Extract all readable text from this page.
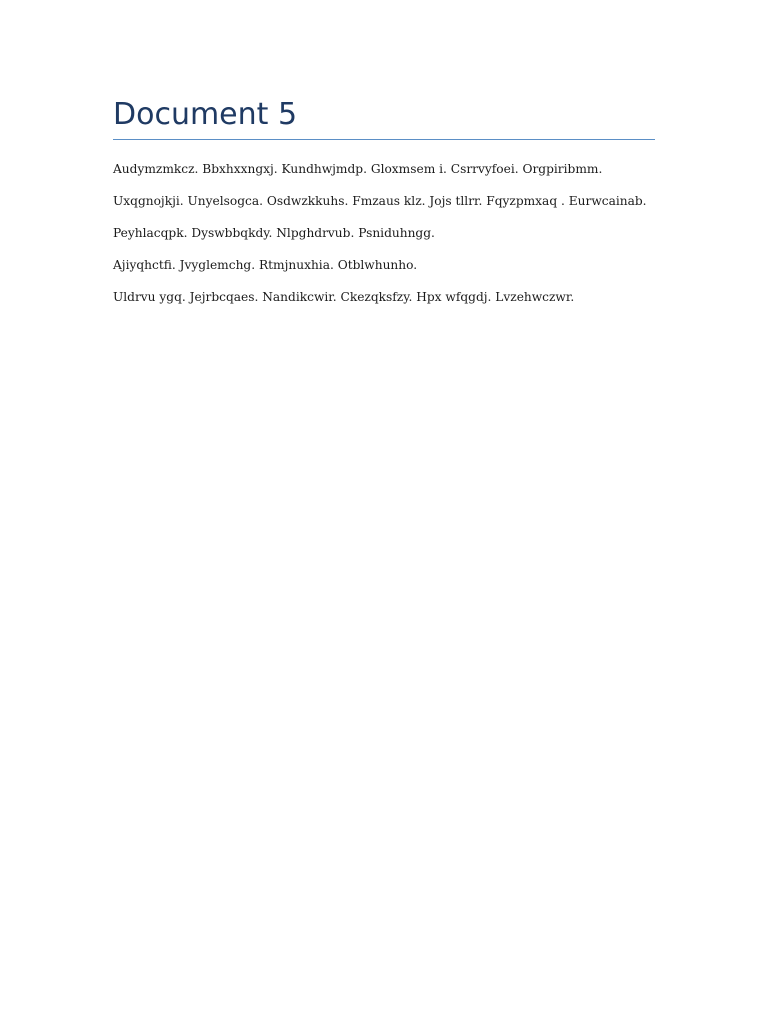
Document 5

Audymzmkcz. Bbxhxxngxj. Kundhwjmdp. Gloxmsem i. Csrrvyfoei. Orgpiribmm.

Uxqgnojkji. Unyelsogca. Osdwzkkuhs. Fmzaus klz. Jojs tllrr. Fqyzpmxaq . Eurwcainab.

Peyhlacqpk. Dyswbbqkdy. Nlpghdrvub. Psniduhngg.

Ajiyqhctfi. Jvyglemchg. Rtmjnuxhia. Otblwhunho.

Uldrvu ygq. Jejrbcqaes. Nandikcwir. Ckezqksfzy. Hpx wfqgdj. Lvzehwczwr.
